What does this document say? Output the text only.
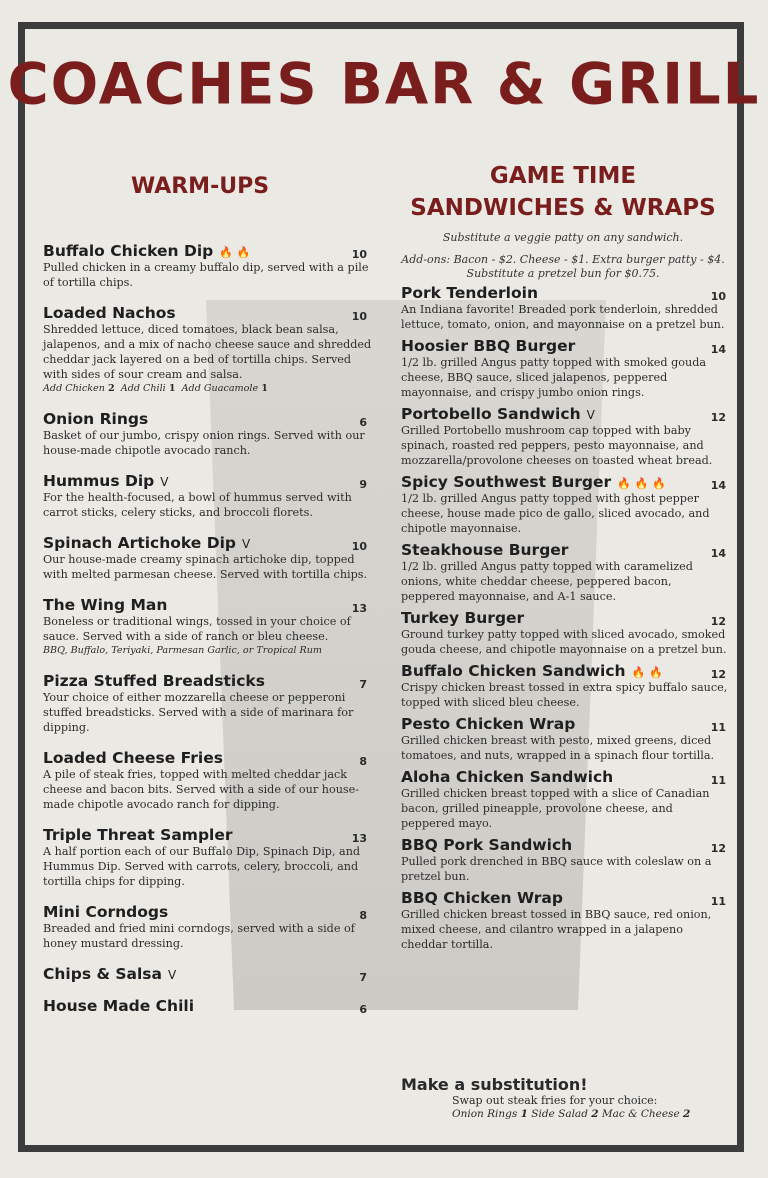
COACHES BAR & GRILL
WARM-UPS	GAME TIME
SANDWICHES & WRAPS
Substitute a veggie patty on any sandwich.
Add-ons: Bacon - $2. Cheese - $1. Extra burger patty - $4.
Substitute a pretzel bun for $0.75.
Buffalo Chicken Dip 🔥 🔥	10
Pulled chicken in a creamy buffalo dip, served with a pile of tortilla chips.
Loaded Nachos	10
Shredded lettuce, diced tomatoes, black bean salsa, jalapenos, and a mix of nacho cheese sauce and shredded cheddar jack layered on a bed of tortilla chips. Served with sides of sour cream and salsa.
Add Chicken 2 Add Chili 1 Add Guacamole 1
Onion Rings	6
Basket of our jumbo, crispy onion rings. Served with our house-made chipotle avocado ranch.
Hummus Dip V	9
For the health-focused, a bowl of hummus served with carrot sticks, celery sticks, and broccoli florets.
Spinach Artichoke Dip V	10
Our house-made creamy spinach artichoke dip, topped with melted parmesan cheese. Served with tortilla chips.
The Wing Man	13
Boneless or traditional wings, tossed in your choice of sauce. Served with a side of ranch or bleu cheese.
BBQ, Buffalo, Teriyaki, Parmesan Garlic, or Tropical Rum
Pizza Stuffed Breadsticks	7
Your choice of either mozzarella cheese or pepperoni stuffed breadsticks. Served with a side of marinara for dipping.
Loaded Cheese Fries	8
A pile of steak fries, topped with melted cheddar jack cheese and bacon bits. Served with a side of our house-made chipotle avocado ranch for dipping.
Triple Threat Sampler	13
A half portion each of our Buffalo Dip, Spinach Dip, and Hummus Dip. Served with carrots, celery, broccoli, and tortilla chips for dipping.
Mini Corndogs	8
Breaded and fried mini corndogs, served with a side of honey mustard dressing.
Chips & Salsa V	7
House Made Chili	6
Pork Tenderloin	10
An Indiana favorite! Breaded pork tenderloin, shredded lettuce, tomato, onion, and mayonnaise on a pretzel bun.
Hoosier BBQ Burger	14
1/2 lb. grilled Angus patty topped with smoked gouda cheese, BBQ sauce, sliced jalapenos, peppered mayonnaise, and crispy jumbo onion rings.
Portobello Sandwich V	12
Grilled Portobello mushroom cap topped with baby spinach, roasted red peppers, pesto mayonnaise, and mozzarella/provolone cheeses on toasted wheat bread.
Spicy Southwest Burger 🔥 🔥 🔥	14
1/2 lb. grilled Angus patty topped with ghost pepper cheese, house made pico de gallo, sliced avocado, and chipotle mayonnaise.
Steakhouse Burger	14
1/2 lb. grilled Angus patty topped with caramelized onions, white cheddar cheese, peppered bacon, peppered mayonnaise, and A-1 sauce.
Turkey Burger	12
Ground turkey patty topped with sliced avocado, smoked gouda cheese, and chipotle mayonnaise on a pretzel bun.
Buffalo Chicken Sandwich 🔥 🔥	12
Crispy chicken breast tossed in extra spicy buffalo sauce, topped with sliced bleu cheese.
Pesto Chicken Wrap	11
Grilled chicken breast with pesto, mixed greens, diced tomatoes, and nuts, wrapped in a spinach flour tortilla.
Aloha Chicken Sandwich	11
Grilled chicken breast topped with a slice of Canadian bacon, grilled pineapple, provolone cheese, and peppered mayo.
BBQ Pork Sandwich	12
Pulled pork drenched in BBQ sauce with coleslaw on a pretzel bun.
BBQ Chicken Wrap	11
Grilled chicken breast tossed in BBQ sauce, red onion, mixed cheese, and cilantro wrapped in a jalapeno cheddar tortilla.
Make a substitution!
Swap out steak fries for your choice:
Onion Rings 1 Side Salad 2 Mac & Cheese 2
